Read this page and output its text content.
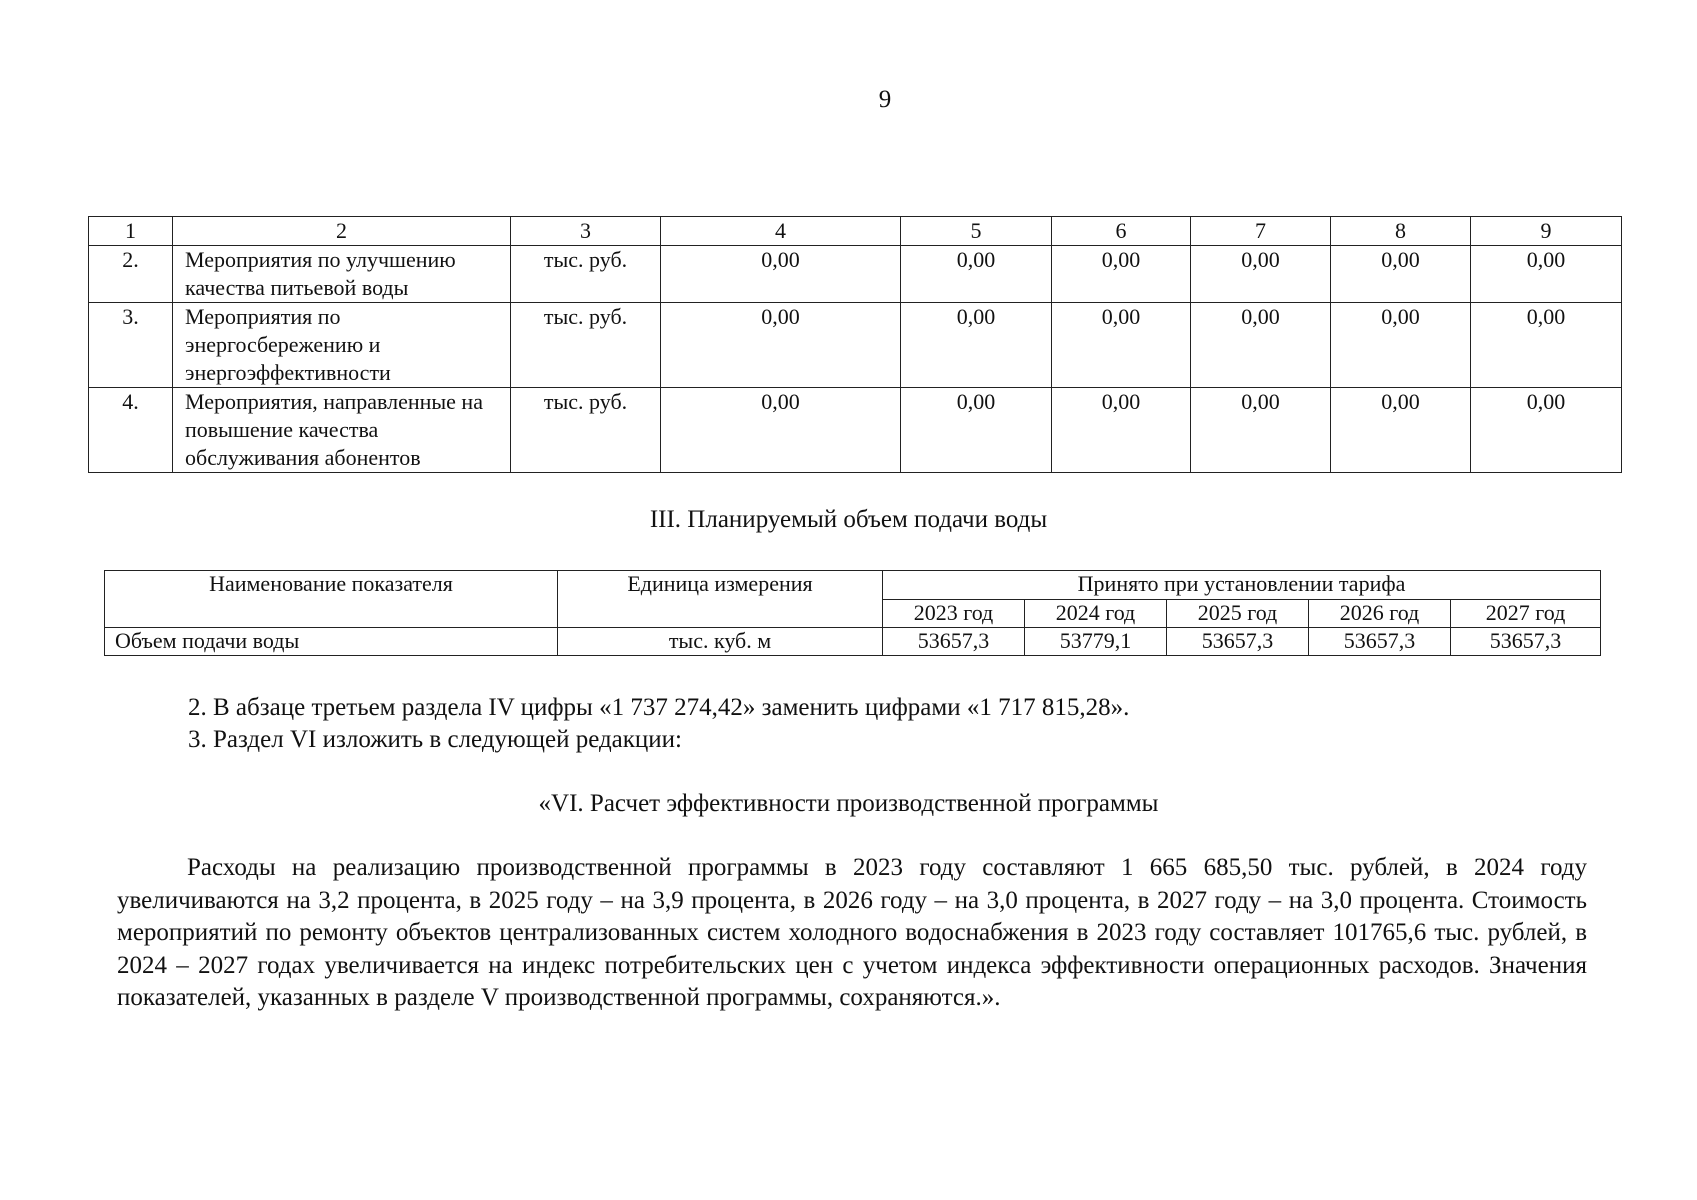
9
1	2	3	4	5	6	7	8	9
2.	Мероприятия по улучшению качества питьевой воды	тыс. руб.	0,00	0,00	0,00	0,00	0,00	0,00
3.	Мероприятия по энергосбережению и энергоэффективности	тыс. руб.	0,00	0,00	0,00	0,00	0,00	0,00
4.	Мероприятия, направленные на повышение качества обслуживания абонентов	тыс. руб.	0,00	0,00	0,00	0,00	0,00	0,00
III. Планируемый объем подачи воды
Наименование показателя	Единица измерения	Принято при установлении тарифа				
		2023 год	2024 год	2025 год	2026 год	2027 год
Объем подачи воды	тыс. куб. м	53657,3	53779,1	53657,3	53657,3	53657,3
2. В абзаце третьем раздела IV цифры «1 737 274,42» заменить цифрами «1 717 815,28».
3. Раздел VI изложить в следующей редакции:
«VI. Расчет эффективности производственной программы
Расходы на реализацию производственной программы в 2023 году составляют 1 665 685,50 тыс. рублей, в 2024 году увеличиваются на 3,2 процента, в 2025 году – на 3,9 процента, в 2026 году – на 3,0 процента, в 2027 году – на 3,0 процента. Стоимость мероприятий по ремонту объектов централизованных систем холодного водоснабжения в 2023 году составляет 101765,6 тыс. рублей, в 2024 – 2027 годах увеличивается на индекс потребительских цен с учетом индекса эффективности операционных расходов. Значения показателей, указанных в разделе V производственной программы, сохраняются.».
